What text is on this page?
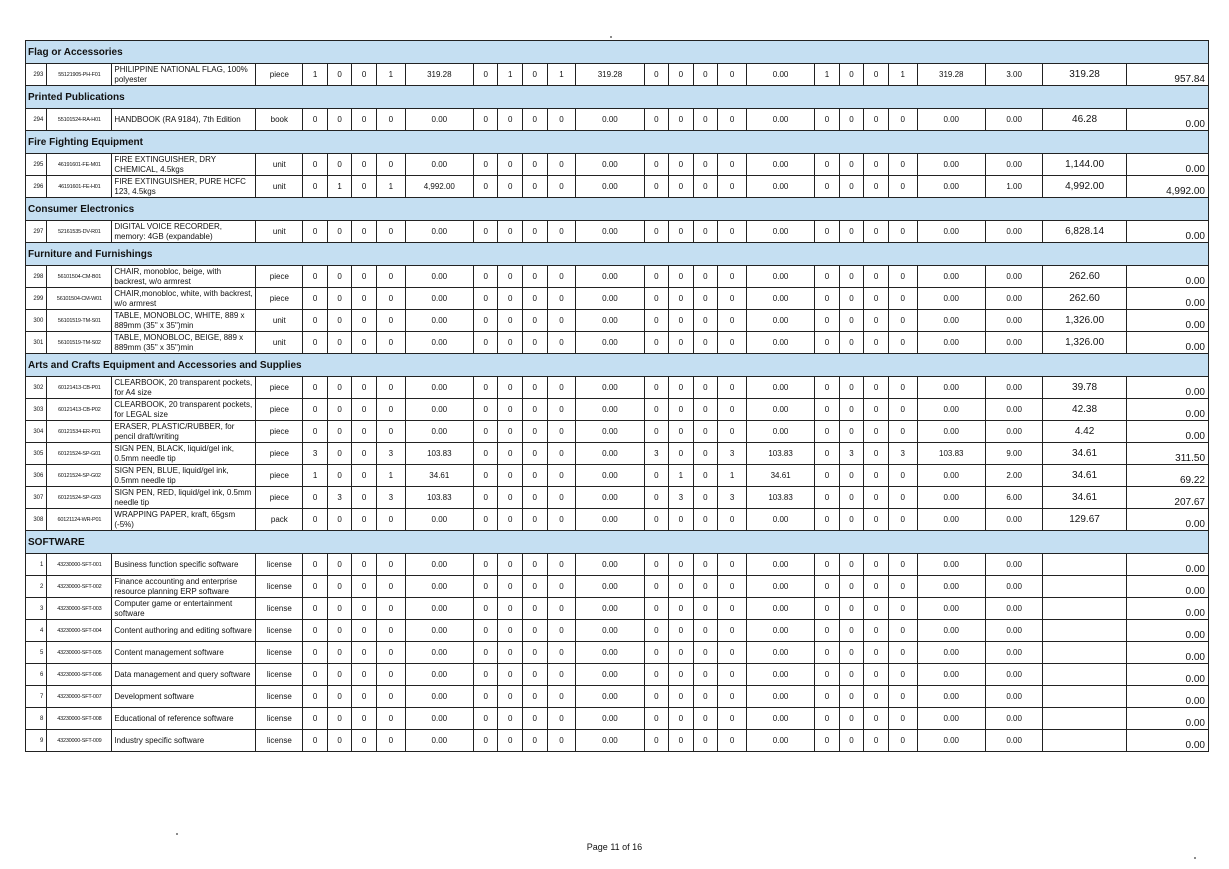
Flag or Accessories																										
293	55121905-PH-F01	PHILIPPINE NATIONAL FLAG, 100% polyester	piece	1	0	0	1	319.28	0	1	0	1	319.28	0	0	0	0	0.00	1	0	0	1	319.28	3.00	319.28	957.84
Printed Publications																										
294	55101524-RA-H01	HANDBOOK (RA 9184), 7th Edition	book	0	0	0	0	0.00	0	0	0	0	0.00	0	0	0	0	0.00	0	0	0	0	0.00	0.00	46.28	0.00
Fire Fighting Equipment																										
295	46191601-FE-M01	FIRE EXTINGUISHER, DRY CHEMICAL, 4.5kgs	unit	0	0	0	0	0.00	0	0	0	0	0.00	0	0	0	0	0.00	0	0	0	0	0.00	0.00	1,144.00	0.00
296	46191601-FE-H01	FIRE EXTINGUISHER, PURE HCFC 123, 4.5kgs	unit	0	1	0	1	4,992.00	0	0	0	0	0.00	0	0	0	0	0.00	0	0	0	0	0.00	1.00	4,992.00	4,992.00
Consumer Electronics																										
297	52161535-DV-R01	DIGITAL VOICE RECORDER, memory: 4GB (expandable)	unit	0	0	0	0	0.00	0	0	0	0	0.00	0	0	0	0	0.00	0	0	0	0	0.00	0.00	6,828.14	0.00
Furniture and Furnishings																										
298	56101504-CM-B01	CHAIR, monobloc, beige, with backrest, w/o armrest	piece	0	0	0	0	0.00	0	0	0	0	0.00	0	0	0	0	0.00	0	0	0	0	0.00	0.00	262.60	0.00
299	56101504-CM-W01	CHAIR,monobloc, white, with backrest, w/o armrest	piece	0	0	0	0	0.00	0	0	0	0	0.00	0	0	0	0	0.00	0	0	0	0	0.00	0.00	262.60	0.00
300	56101519-TM-S01	TABLE, MONOBLOC, WHITE, 889 x 889mm (35" x 35")min	unit	0	0	0	0	0.00	0	0	0	0	0.00	0	0	0	0	0.00	0	0	0	0	0.00	0.00	1,326.00	0.00
301	56101519-TM-S02	TABLE, MONOBLOC, BEIGE, 889 x 889mm (35" x 35")min	unit	0	0	0	0	0.00	0	0	0	0	0.00	0	0	0	0	0.00	0	0	0	0	0.00	0.00	1,326.00	0.00
Arts and Crafts Equipment and Accessories and Supplies																										
302	60121413-CB-P01	CLEARBOOK, 20 transparent pockets, for A4 size	piece	0	0	0	0	0.00	0	0	0	0	0.00	0	0	0	0	0.00	0	0	0	0	0.00	0.00	39.78	0.00
303	60121413-CB-P02	CLEARBOOK, 20 transparent pockets, for LEGAL size	piece	0	0	0	0	0.00	0	0	0	0	0.00	0	0	0	0	0.00	0	0	0	0	0.00	0.00	42.38	0.00
304	60121534-ER-P01	ERASER, PLASTIC/RUBBER, for pencil draft/writing	piece	0	0	0	0	0.00	0	0	0	0	0.00	0	0	0	0	0.00	0	0	0	0	0.00	0.00	4.42	0.00
305	60121524-SP-G01	SIGN PEN, BLACK, liquid/gel ink, 0.5mm needle tip	piece	3	0	0	3	103.83	0	0	0	0	0.00	3	0	0	3	103.83	0	3	0	3	103.83	9.00	34.61	311.50
306	60121524-SP-G02	SIGN PEN, BLUE, liquid/gel ink, 0.5mm needle tip	piece	1	0	0	1	34.61	0	0	0	0	0.00	0	1	0	1	34.61	0	0	0	0	0.00	2.00	34.61	69.22
307	60121524-SP-G03	SIGN PEN, RED, liquid/gel ink, 0.5mm needle tip	piece	0	3	0	3	103.83	0	0	0	0	0.00	0	3	0	3	103.83	0	0	0	0	0.00	6.00	34.61	207.67
308	60121124-WR-P01	WRAPPING PAPER, kraft, 65gsm (-5%)	pack	0	0	0	0	0.00	0	0	0	0	0.00	0	0	0	0	0.00	0	0	0	0	0.00	0.00	129.67	0.00
SOFTWARE																										
1	43230000-SFT-001	Business function specific software	license	0	0	0	0	0.00	0	0	0	0	0.00	0	0	0	0	0.00	0	0	0	0	0.00	0.00		0.00
2	43230000-SFT-002	Finance accounting and enterprise resource planning ERP software	license	0	0	0	0	0.00	0	0	0	0	0.00	0	0	0	0	0.00	0	0	0	0	0.00	0.00		0.00
3	43230000-SFT-003	Computer game or entertainment software	license	0	0	0	0	0.00	0	0	0	0	0.00	0	0	0	0	0.00	0	0	0	0	0.00	0.00		0.00
4	43230000-SFT-004	Content authoring and editing software	license	0	0	0	0	0.00	0	0	0	0	0.00	0	0	0	0	0.00	0	0	0	0	0.00	0.00		0.00
5	43230000-SFT-005	Content management software	license	0	0	0	0	0.00	0	0	0	0	0.00	0	0	0	0	0.00	0	0	0	0	0.00	0.00		0.00
6	43230000-SFT-006	Data management and query software	license	0	0	0	0	0.00	0	0	0	0	0.00	0	0	0	0	0.00	0	0	0	0	0.00	0.00		0.00
7	43230000-SFT-007	Development software	license	0	0	0	0	0.00	0	0	0	0	0.00	0	0	0	0	0.00	0	0	0	0	0.00	0.00		0.00
8	43230000-SFT-008	Educational of reference software	license	0	0	0	0	0.00	0	0	0	0	0.00	0	0	0	0	0.00	0	0	0	0	0.00	0.00		0.00
9	43230000-SFT-009	Industry specific software	license	0	0	0	0	0.00	0	0	0	0	0.00	0	0	0	0	0.00	0	0	0	0	0.00	0.00		0.00
Page 11 of 16
